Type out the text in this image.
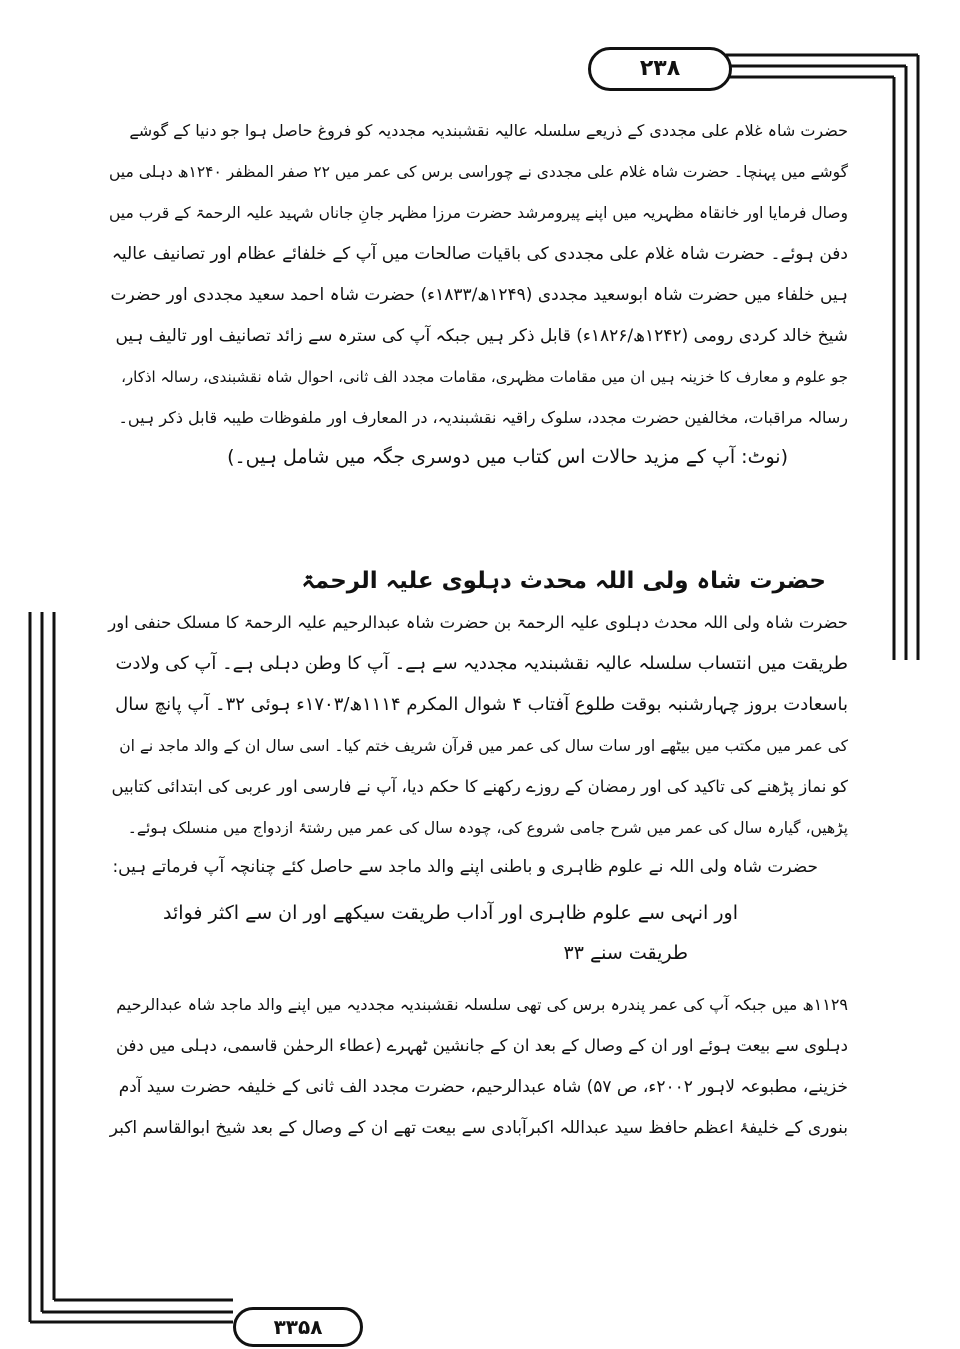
۲۳۸
۳۳۵۸
حضرت شاہ غلام علی مجددی کے ذریعے سلسلہ عالیہ نقشبندیہ مجددیہ کو فروغ حاصل ہوا جو دنیا کے گوشے
گوشے میں پہنچا۔ حضرت شاہ غلام علی مجددی نے چوراسی برس کی عمر میں ۲۲ صفر المظفر ۱۲۴۰ھ دہلی میں
وصال فرمایا اور خانقاہ مظہریہ میں اپنے پیرومرشد حضرت مرزا مظہر جانِ جاناں شہید علیہ الرحمۃ کے قرب میں
دفن ہوئے۔ حضرت شاہ غلام علی مجددی کی باقیات صالحات میں آپ کے خلفائے عظام اور تصانیف عالیہ
ہیں خلفاء میں حضرت شاہ ابوسعید مجددی (۱۲۴۹ھ/۱۸۳۳ء) حضرت شاہ احمد سعید مجددی اور حضرت
شیخ خالد کردی رومی (۱۲۴۲ھ/۱۸۲۶ء) قابل ذکر ہیں جبکہ آپ کی سترہ سے زائد تصانیف اور تالیف ہیں
جو علوم و معارف کا خزینہ ہیں ان میں مقامات مظہری، مقامات مجدد الف ثانی، احوال شاہ نقشبندی، رسالہ اذکار،
رسالہ مراقبات، مخالفین حضرت مجدد، سلوک راقیہ نقشبندیہ، در المعارف اور ملفوظات طیبہ قابل ذکر ہیں۔
(نوٹ: آپ کے مزید حالات اس کتاب میں دوسری جگہ میں شامل ہیں۔)
حضرت شاہ ولی اللہ محدث دہلوی علیہ الرحمۃ
حضرت شاہ ولی اللہ محدث دہلوی علیہ الرحمۃ بن حضرت شاہ عبدالرحیم علیہ الرحمۃ کا مسلک حنفی اور
طریقت میں انتساب سلسلہ عالیہ نقشبندیہ مجددیہ سے ہے۔ آپ کا وطن دہلی ہے۔ آپ کی ولادت
باسعادت بروز چہارشنبہ بوقت طلوع آفتاب ۴ شوال المکرم ۱۱۱۴ھ/۱۷۰۳ء ہوئی ۳۲۔ آپ پانچ سال
کی عمر میں مکتب میں بیٹھے اور سات سال کی عمر میں قرآن شریف ختم کیا۔ اسی سال ان کے والد ماجد نے ان
کو نماز پڑھنے کی تاکید کی اور رمضان کے روزے رکھنے کا حکم دیا، آپ نے فارسی اور عربی کی ابتدائی کتابیں
پڑھیں، گیارہ سال کی عمر میں شرح جامی شروع کی، چودہ سال کی عمر میں رشتۂ ازدواج میں منسلک ہوئے۔
حضرت شاہ ولی اللہ نے علوم ظاہری و باطنی اپنے والد ماجد سے حاصل کئے چنانچہ آپ فرماتے ہیں:
اور انہی سے علوم ظاہری اور آداب طریقت سیکھے اور ان سے اکثر فوائد
طریقت سنے ۳۳
۱۱۲۹ھ میں جبکہ آپ کی عمر پندرہ برس کی تھی سلسلہ نقشبندیہ مجددیہ میں اپنے والد ماجد شاہ عبدالرحیم
دہلوی سے بیعت ہوئے اور ان کے وصال کے بعد ان کے جانشین ٹھہرے (عطاء الرحمٰن قاسمی، دہلی میں دفن
خزینے، مطبوعہ لاہور ۲۰۰۲ء، ص ۵۷) شاہ عبدالرحیم، حضرت مجدد الف ثانی کے خلیفہ حضرت سید آدم
بنوری کے خلیفۂ اعظم حافظ سید عبداللہ اکبرآبادی سے بیعت تھے ان کے وصال کے بعد شیخ ابوالقاسم اکبر
